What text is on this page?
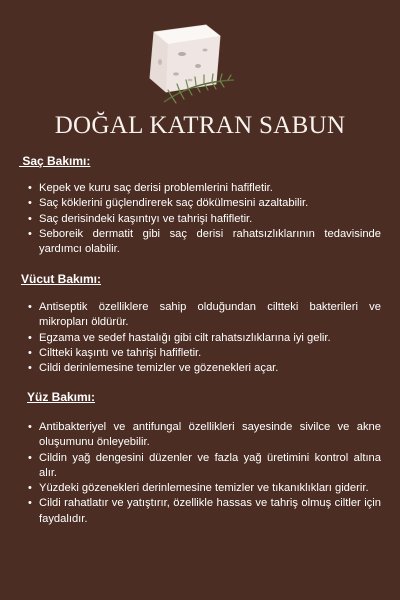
DOĞAL KATRAN SABUN

Saç Bakımı:

• Kepek ve kuru saç derisi problemlerini hafifletir.
• Saç köklerini güçlendirerek saç dökülmesini azaltabilir.
• Saç derisindeki kaşıntıyı ve tahrişi hafifletir.
• Seboreik dermatit gibi saç derisi rahatsızlıklarının tedavisinde yardımcı olabilir.

Vücut Bakımı:

• Antiseptik özelliklere sahip olduğundan ciltteki bakterileri ve mikropları öldürür.
• Egzama ve sedef hastalığı gibi cilt rahatsızlıklarına iyi gelir.
• Ciltteki kaşıntı ve tahrişi hafifletir.
• Cildi derinlemesine temizler ve gözenekleri açar.

Yüz Bakımı:

• Antibakteriyel ve antifungal özellikleri sayesinde sivilce ve akne oluşumunu önleyebilir.
• Cildin yağ dengesini düzenler ve fazla yağ üretimini kontrol altına alır.
• Yüzdeki gözenekleri derinlemesine temizler ve tıkanıklıkları giderir.
• Cildi rahatlatır ve yatıştırır, özellikle hassas ve tahriş olmuş ciltler için faydalıdır.
